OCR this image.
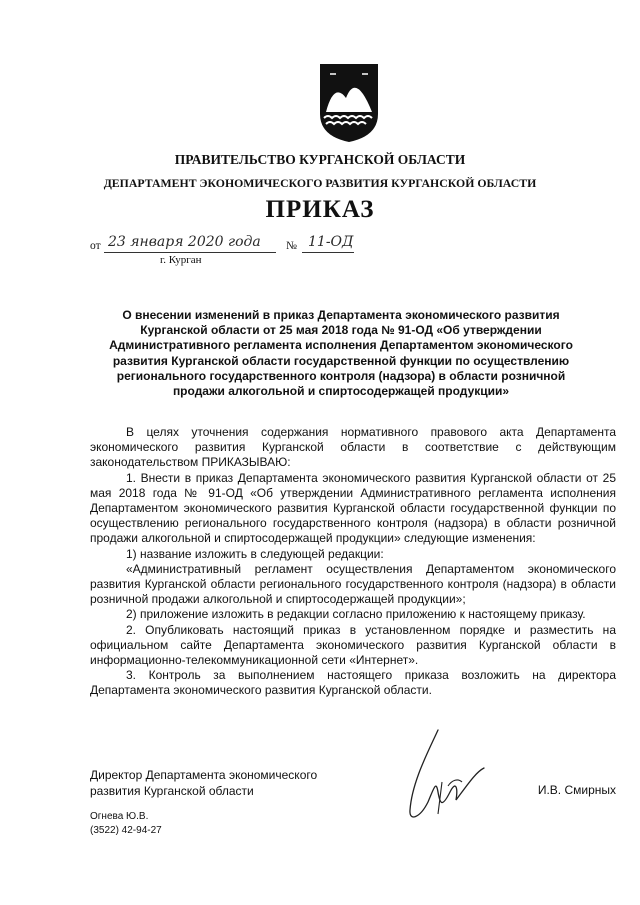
ПРАВИТЕЛЬСТВО КУРГАНСКОЙ ОБЛАСТИ
ДЕПАРТАМЕНТ ЭКОНОМИЧЕСКОГО РАЗВИТИЯ КУРГАНСКОЙ ОБЛАСТИ
ПРИКАЗ
от 23 января 2020 года № 11-ОД
г. Курган
О внесении изменений в приказ Департамента экономического развития Курганской области от 25 мая 2018 года № 91-ОД «Об утверждении Административного регламента исполнения Департаментом экономического развития Курганской области государственной функции по осуществлению регионального государственного контроля (надзора) в области розничной продажи алкогольной и спиртосодержащей продукции»

В целях уточнения содержания нормативного правового акта Департамента экономического развития Курганской области в соответствие с действующим законодательством ПРИКАЗЫВАЮ:

1. Внести в приказ Департамента экономического развития Курганской области от 25 мая 2018 года № 91-ОД «Об утверждении Административного регламента исполнения Департаментом экономического развития Курганской области государственной функции по осуществлению регионального государственного контроля (надзора) в области розничной продажи алкогольной и спиртосодержащей продукции» следующие изменения:

1) название изложить в следующей редакции:

«Административный регламент осуществления Департаментом экономического развития Курганской области регионального государственного контроля (надзора) в области розничной продажи алкогольной и спиртосодержащей продукции»;

2) приложение изложить в редакции согласно приложению к настоящему приказу.

2. Опубликовать настоящий приказ в установленном порядке и разместить на официальном сайте Департамента экономического развития Курганской области в информационно-телекоммуникационной сети «Интернет».

3. Контроль за выполнением настоящего приказа возложить на директора Департамента экономического развития Курганской области.

Директор Департамента экономического
развития Курганской области	И.В. Смирных
Огнева Ю.В.
(3522) 42-94-27
